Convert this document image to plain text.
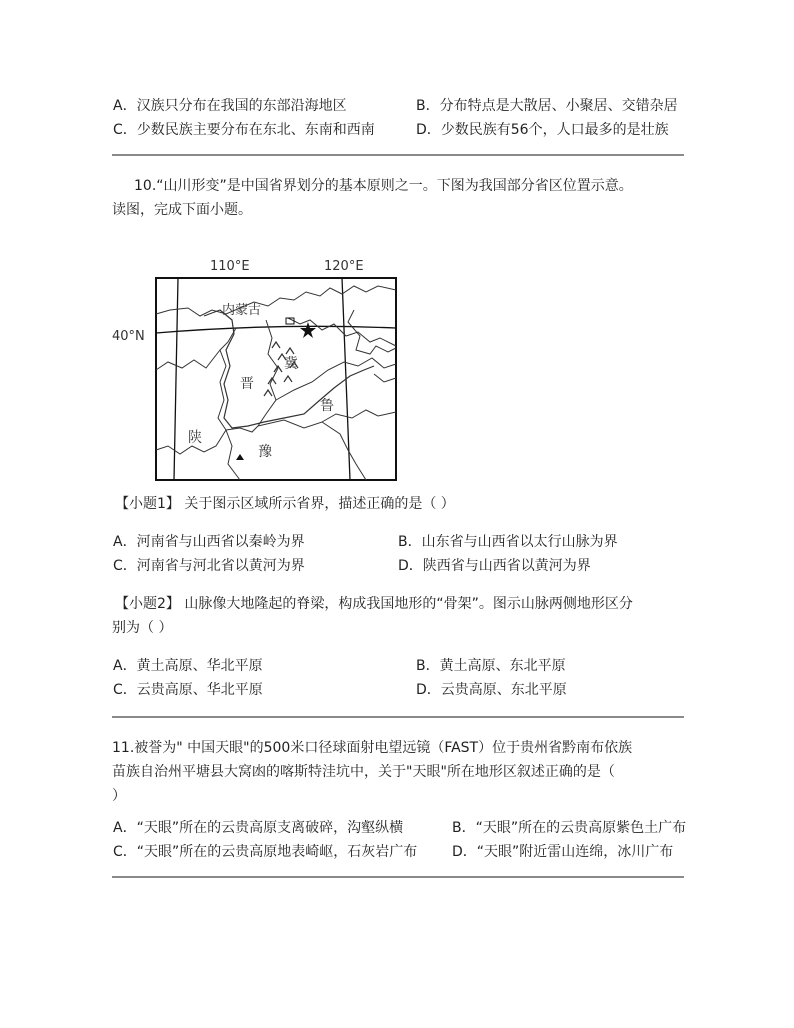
A．汉族只分布在我国的东部沿海地区	B．分布特点是大散居、小聚居、交错杂居
C．少数民族主要分布在东北、东南和西南	D．少数民族有56个，人口最多的是壮族
10.“山川形变”是中国省界划分的基本原则之一。下图为我国部分省区位置示意。
读图，完成下面小题。
110°E	120°E
40°N
内蒙古
冀
晋
鲁
陕
豫
【小题1】 关于图示区域所示省界，描述正确的是（ ）
A．河南省与山西省以秦岭为界	B．山东省与山西省以太行山脉为界
C．河南省与河北省以黄河为界	D．陕西省与山西省以黄河为界
【小题2】 山脉像大地隆起的脊梁，构成我国地形的“骨架”。图示山脉两侧地形区分
别为（ ）
A．黄土高原、华北平原	B．黄土高原、东北平原
C．云贵高原、华北平原	D．云贵高原、东北平原
11.被誉为" 中国天眼"的500米口径球面射电望远镜（FAST）位于贵州省黔南布依族
苗族自治州平塘县大窝凼的喀斯特洼坑中，关于"天眼"所在地形区叙述正确的是（
）
A．“天眼”所在的云贵高原支离破碎，沟壑纵横	B．“天眼”所在的云贵高原紫色土广布
C．“天眼”所在的云贵高原地表崎岖，石灰岩广布 D．“天眼”附近雷山连绵，冰川广布
